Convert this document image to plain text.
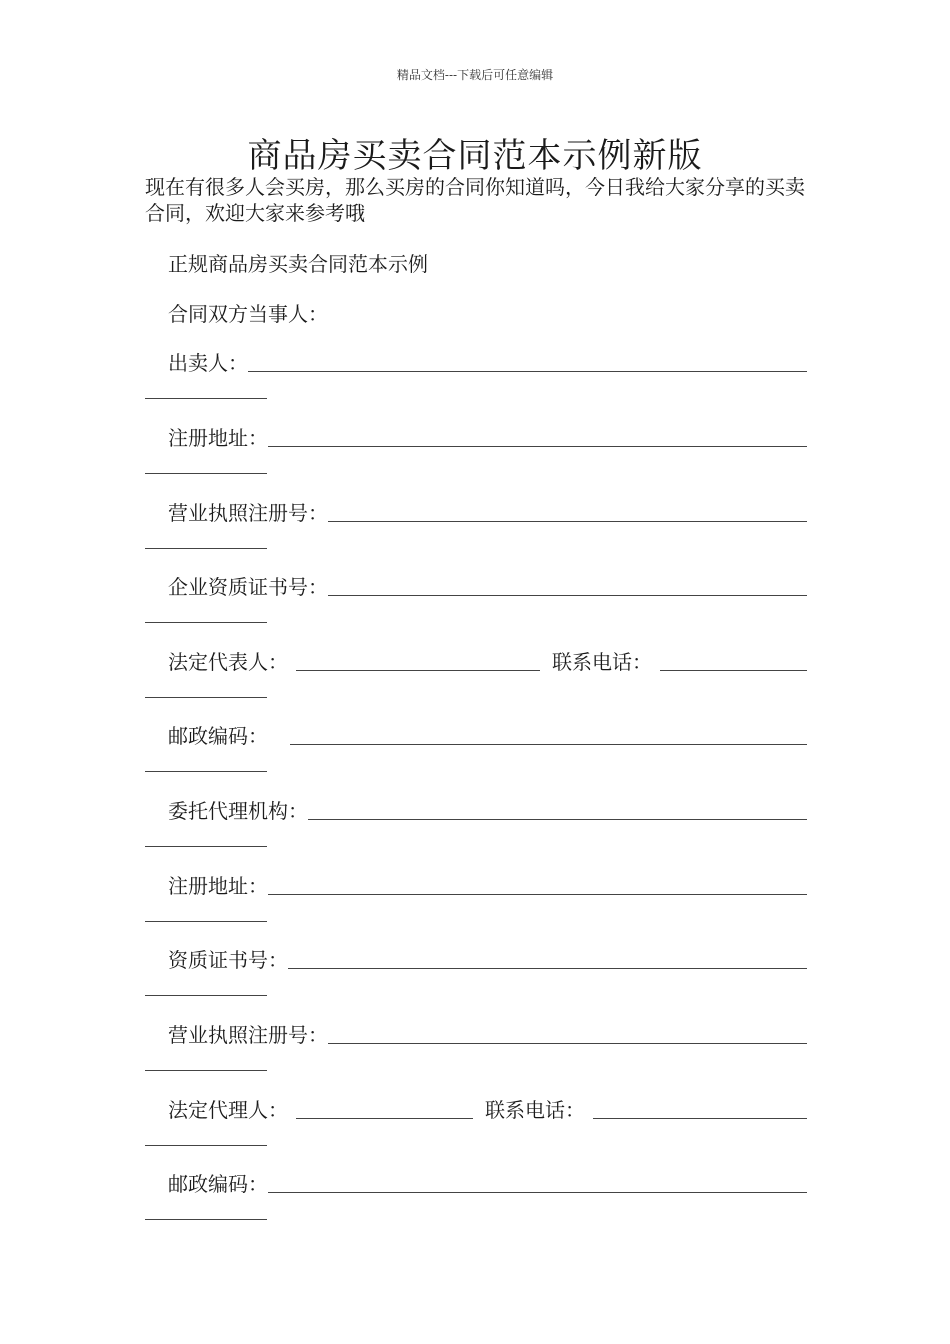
精品文档---下载后可任意编辑
商品房买卖合同范本示例新版

现在有很多人会买房，那么买房的合同你知道吗，今日我给大家分享的买卖合同，欢迎大家来参考哦

正规商品房买卖合同范本示例

合同双方当事人：

出卖人：
注册地址：
营业执照注册号：
企业资质证书号：
法定代表人：	联系电话：
邮政编码：
委托代理机构：
注册地址：
资质证书号：
营业执照注册号：
法定代理人：	联系电话：
邮政编码：
